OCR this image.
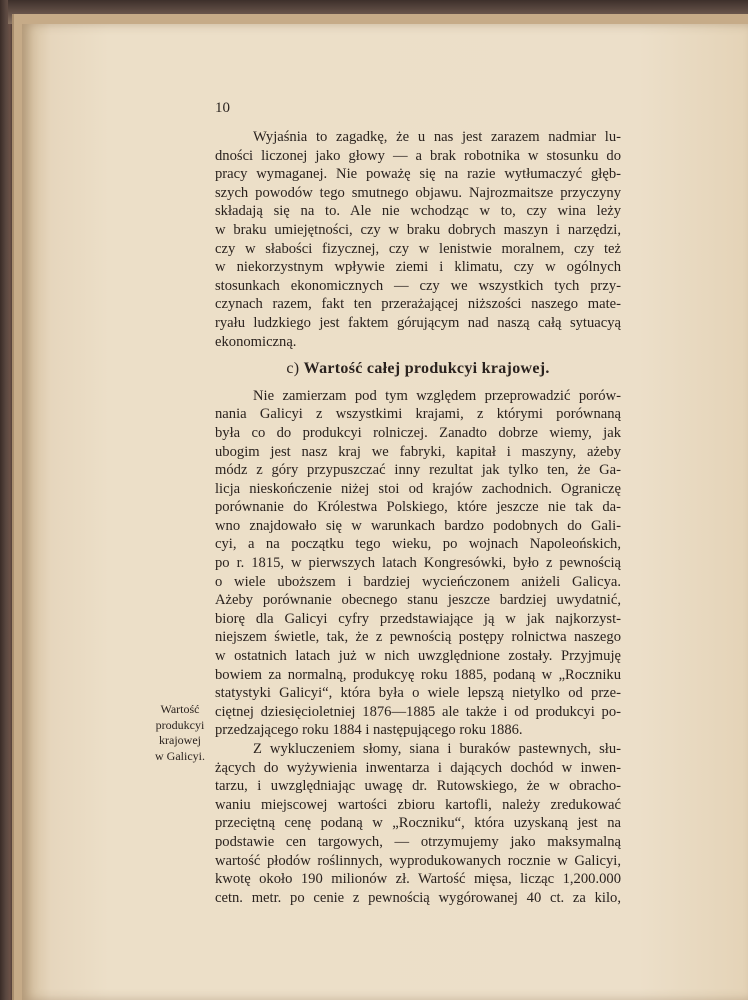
10
Wartość
produkcyi
krajowej
w Galicyi.
Wyjaśnia to zagadkę, że u nas jest zarazem nadmiar lu-
dności liczonej jako głowy — a brak robotnika w stosunku do
pracy wymaganej. Nie poważę się na razie wytłumaczyć głęb-
szych powodów tego smutnego objawu. Najrozmaitsze przyczyny
składają się na to. Ale nie wchodząc w to, czy wina leży
w braku umiejętności, czy w braku dobrych maszyn i narzędzi,
czy w słabości fizycznej, czy w lenistwie moralnem, czy też
w niekorzystnym wpływie ziemi i klimatu, czy w ogólnych
stosunkach ekonomicznych — czy we wszystkich tych przy-
czynach razem, fakt ten przerażającej niższości naszego mate-
ryału ludzkiego jest faktem górującym nad naszą całą sytuacyą
ekonomiczną.
c) Wartość całej produkcyi krajowej.
Nie zamierzam pod tym względem przeprowadzić porów-
nania Galicyi z wszystkimi krajami, z którymi porównaną
była co do produkcyi rolniczej. Zanadto dobrze wiemy, jak
ubogim jest nasz kraj we fabryki, kapitał i maszyny, ażeby
módz z góry przypuszczać inny rezultat jak tylko ten, że Ga-
licja nieskończenie niżej stoi od krajów zachodnich. Ograniczę
porównanie do Królestwa Polskiego, które jeszcze nie tak da-
wno znajdowało się w warunkach bardzo podobnych do Gali-
cyi, a na początku tego wieku, po wojnach Napoleońskich,
po r. 1815, w pierwszych latach Kongresówki, było z pewnością
o wiele uboższem i bardziej wycieńczonem aniżeli Galicya.
Ażeby porównanie obecnego stanu jeszcze bardziej uwydatnić,
biorę dla Galicyi cyfry przedstawiające ją w jak najkorzyst-
niejszem świetle, tak, że z pewnością postępy rolnictwa naszego
w ostatnich latach już w nich uwzględnione zostały. Przyjmuję
bowiem za normalną, produkcyę roku 1885, podaną w „Roczniku
statystyki Galicyi“, która była o wiele lepszą nietylko od prze-
ciętnej dziesięcioletniej 1876—1885 ale także i od produkcyi po-
przedzającego roku 1884 i następującego roku 1886.
Z wykluczeniem słomy, siana i buraków pastewnych, słu-
żących do wyżywienia inwentarza i dających dochód w inwen-
tarzu, i uwzględniając uwagę dr. Rutowskiego, że w obracho-
waniu miejscowej wartości zbioru kartofli, należy zredukować
przeciętną cenę podaną w „Roczniku“, która uzyskaną jest na
podstawie cen targowych, — otrzymujemy jako maksymalną
wartość płodów roślinnych, wyprodukowanych rocznie w Galicyi,
kwotę około 190 milionów zł. Wartość mięsa, licząc 1,200.000
cetn. metr. po cenie z pewnością wygórowanej 40 ct. za kilo,
